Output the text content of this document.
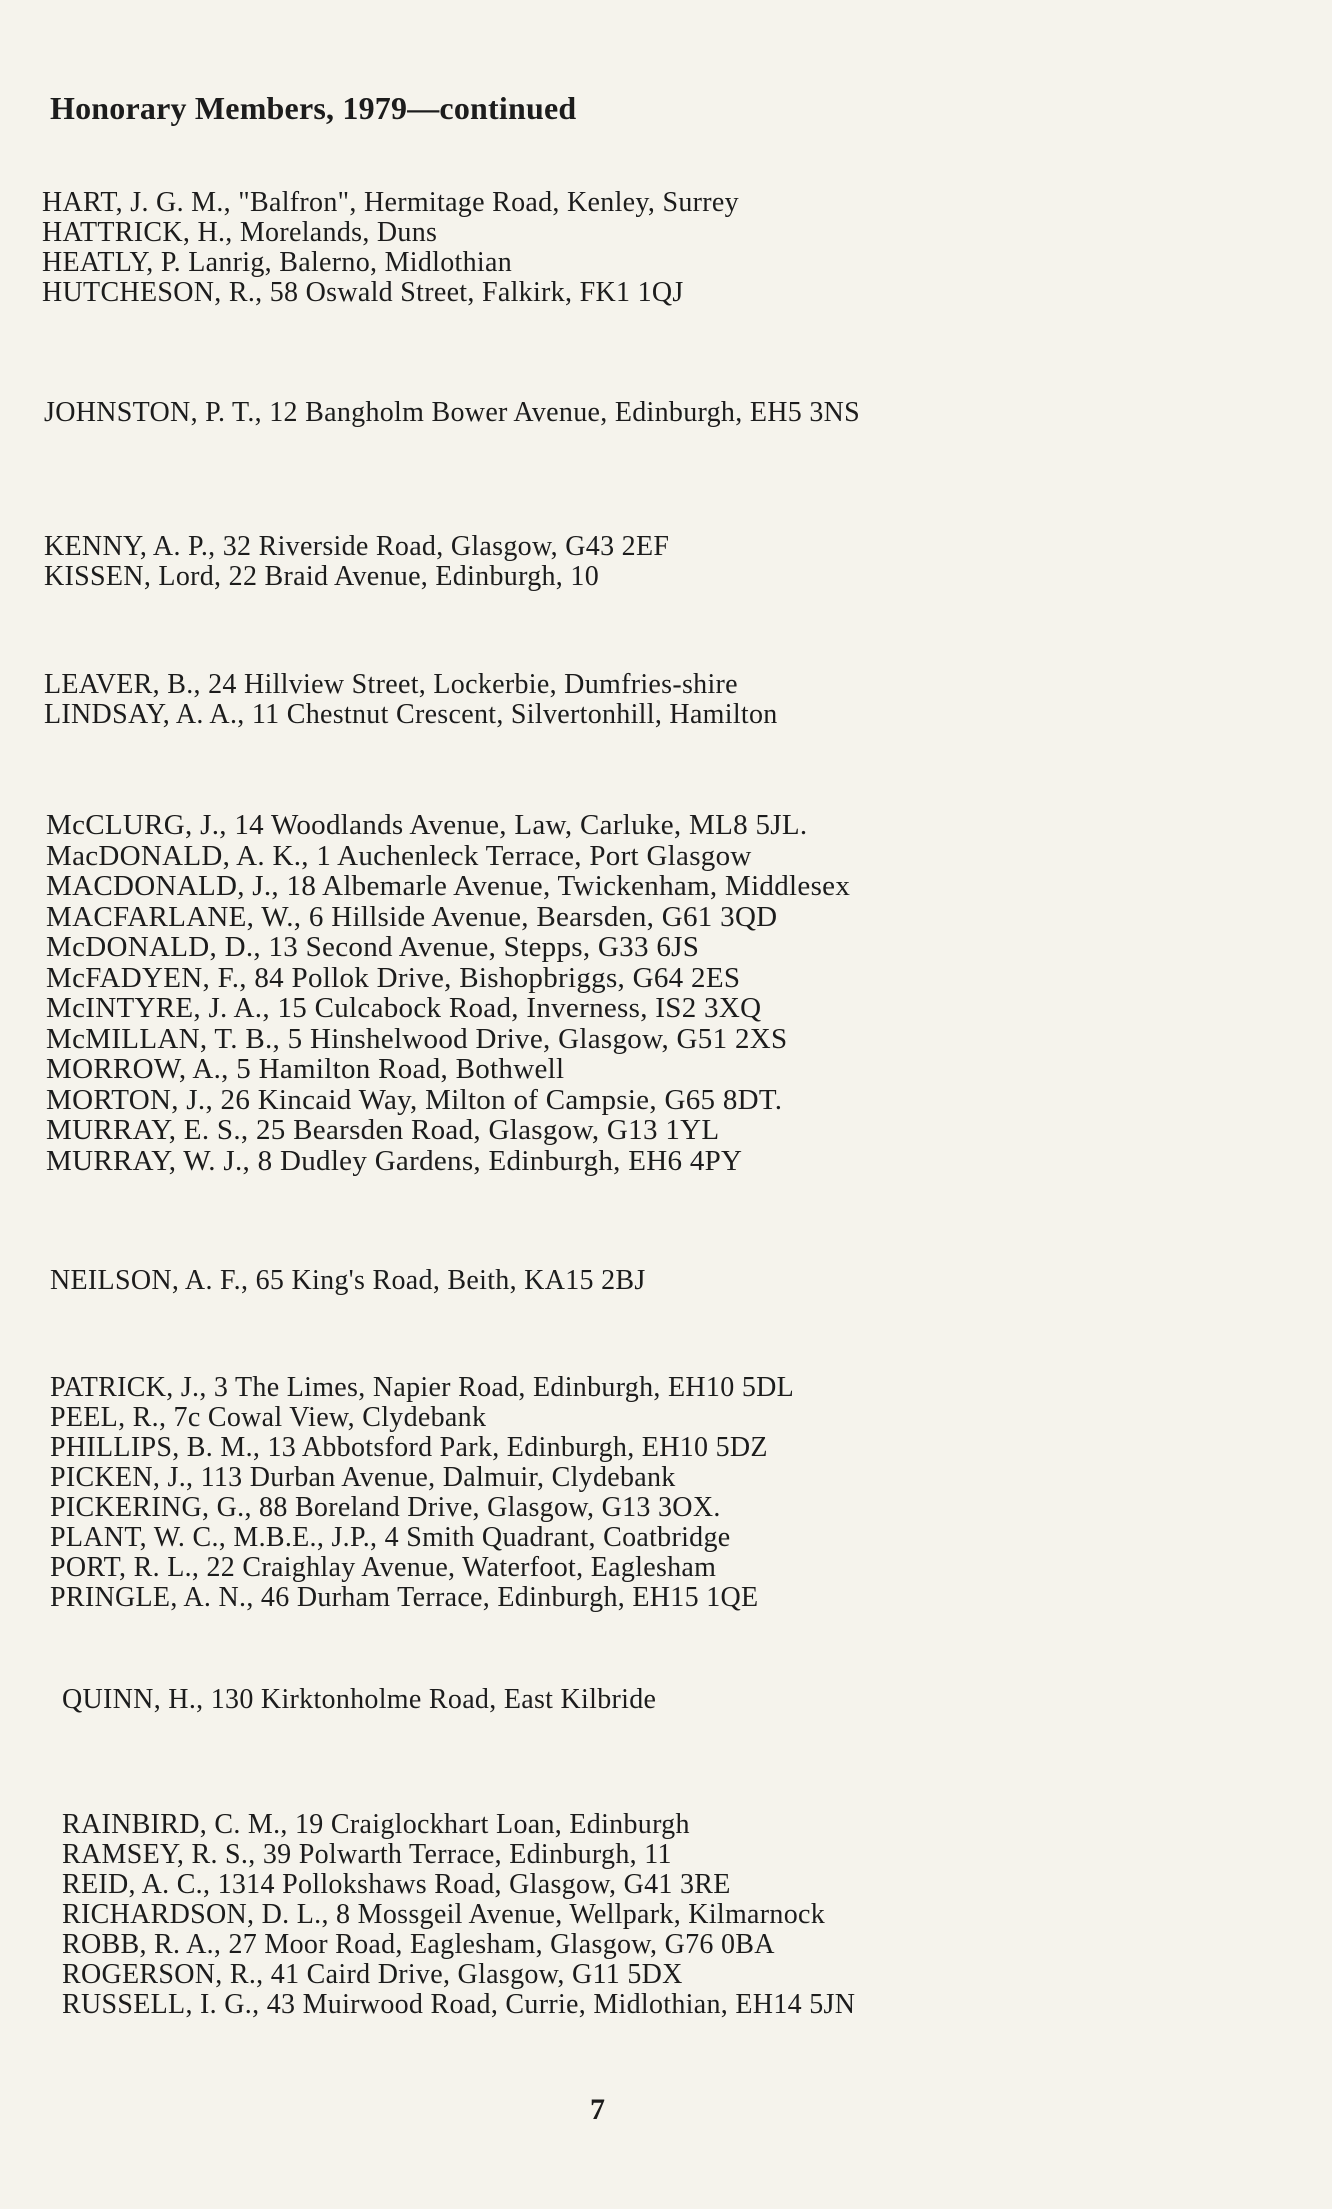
Honorary Members, 1979—continued
HART, J. G. M., "Balfron", Hermitage Road, Kenley, Surrey
HATTRICK, H., Morelands, Duns
HEATLY, P. Lanrig, Balerno, Midlothian
HUTCHESON, R., 58 Oswald Street, Falkirk, FK1 1QJ
JOHNSTON, P. T., 12 Bangholm Bower Avenue, Edinburgh, EH5 3NS
KENNY, A. P., 32 Riverside Road, Glasgow, G43 2EF
KISSEN, Lord, 22 Braid Avenue, Edinburgh, 10
LEAVER, B., 24 Hillview Street, Lockerbie, Dumfries-shire
LINDSAY, A. A., 11 Chestnut Crescent, Silvertonhill, Hamilton
McCLURG, J., 14 Woodlands Avenue, Law, Carluke, ML8 5JL.
MacDONALD, A. K., 1 Auchenleck Terrace, Port Glasgow
MACDONALD, J., 18 Albemarle Avenue, Twickenham, Middlesex
MACFARLANE, W., 6 Hillside Avenue, Bearsden, G61 3QD
McDONALD, D., 13 Second Avenue, Stepps, G33 6JS
McFADYEN, F., 84 Pollok Drive, Bishopbriggs, G64 2ES
McINTYRE, J. A., 15 Culcabock Road, Inverness, IS2 3XQ
McMILLAN, T. B., 5 Hinshelwood Drive, Glasgow, G51 2XS
MORROW, A., 5 Hamilton Road, Bothwell
MORTON, J., 26 Kincaid Way, Milton of Campsie, G65 8DT.
MURRAY, E. S., 25 Bearsden Road, Glasgow, G13 1YL
MURRAY, W. J., 8 Dudley Gardens, Edinburgh, EH6 4PY
NEILSON, A. F., 65 King's Road, Beith, KA15 2BJ
PATRICK, J., 3 The Limes, Napier Road, Edinburgh, EH10 5DL
PEEL, R., 7c Cowal View, Clydebank
PHILLIPS, B. M., 13 Abbotsford Park, Edinburgh, EH10 5DZ
PICKEN, J., 113 Durban Avenue, Dalmuir, Clydebank
PICKERING, G., 88 Boreland Drive, Glasgow, G13 3OX.
PLANT, W. C., M.B.E., J.P., 4 Smith Quadrant, Coatbridge
PORT, R. L., 22 Craighlay Avenue, Waterfoot, Eaglesham
PRINGLE, A. N., 46 Durham Terrace, Edinburgh, EH15 1QE
QUINN, H., 130 Kirktonholme Road, East Kilbride
RAINBIRD, C. M., 19 Craiglockhart Loan, Edinburgh
RAMSEY, R. S., 39 Polwarth Terrace, Edinburgh, 11
REID, A. C., 1314 Pollokshaws Road, Glasgow, G41 3RE
RICHARDSON, D. L., 8 Mossgeil Avenue, Wellpark, Kilmarnock
ROBB, R. A., 27 Moor Road, Eaglesham, Glasgow, G76 0BA
ROGERSON, R., 41 Caird Drive, Glasgow, G11 5DX
RUSSELL, I. G., 43 Muirwood Road, Currie, Midlothian, EH14 5JN
7
